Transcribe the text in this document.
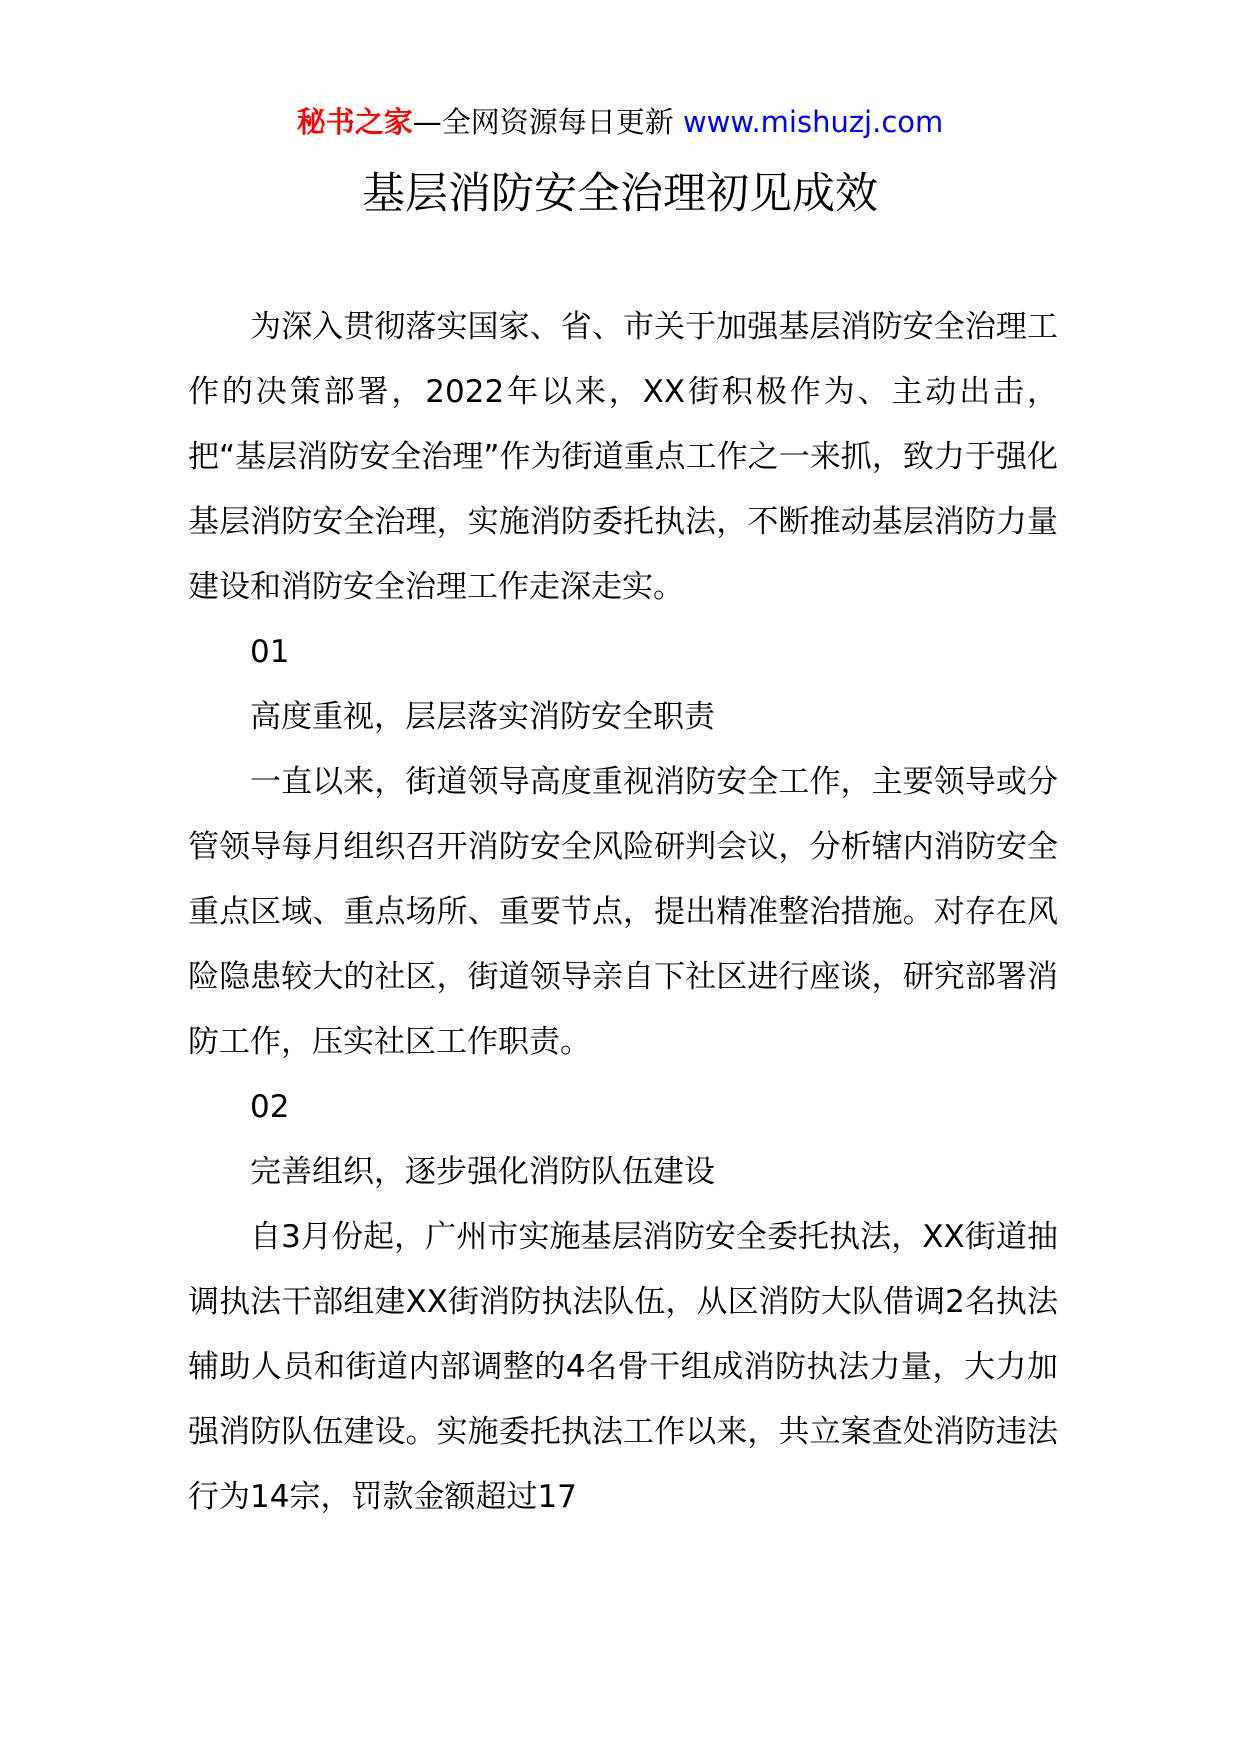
秘书之家—全网资源每日更新 www.mishuzj.com
基层消防安全治理初见成效

为深入贯彻落实国家、省、市关于加强基层消防安全治理工作的决策部署，2022年以来，XX街积极作为、主动出击，把“基层消防安全治理”作为街道重点工作之一来抓，致力于强化基层消防安全治理，实施消防委托执法，不断推动基层消防力量建设和消防安全治理工作走深走实。

01

高度重视，层层落实消防安全职责

一直以来，街道领导高度重视消防安全工作，主要领导或分管领导每月组织召开消防安全风险研判会议，分析辖内消防安全重点区域、重点场所、重要节点，提出精准整治措施。对存在风险隐患较大的社区，街道领导亲自下社区进行座谈，研究部署消防工作，压实社区工作职责。

02

完善组织，逐步强化消防队伍建设

自3月份起，广州市实施基层消防安全委托执法，XX街道抽调执法干部组建XX街消防执法队伍，从区消防大队借调2名执法辅助人员和街道内部调整的4名骨干组成消防执法力量，大力加强消防队伍建设。实施委托执法工作以来，共立案查处消防违法行为14宗，罚款金额超过17
